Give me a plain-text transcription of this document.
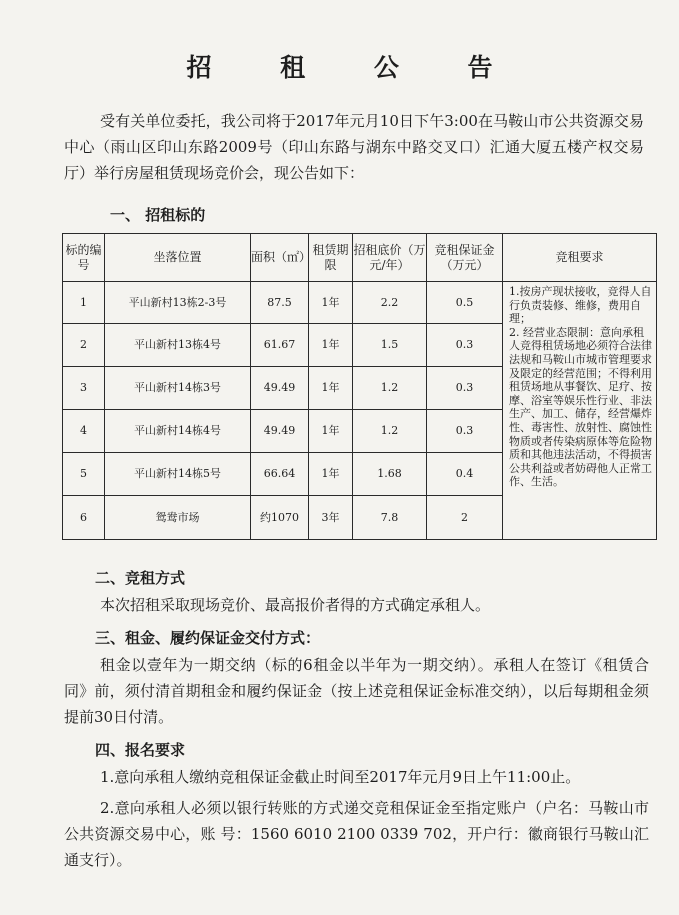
招 租 公 告
受有关单位委托，我公司将于2017年元月10日下午3:00在马鞍山市公共资源交易中心（雨山区印山东路2009号（印山东路与湖东中路交叉口）汇通大厦五楼产权交易厅）举行房屋租赁现场竞价会，现公告如下：
一、 招租标的
标的编号	坐落位置	面积（㎡）	租赁期限	招租底价（万元/年）	竞租保证金（万元）	竞租要求
1	平山新村13栋2-3号	87.5	1年	2.2	0.5	1.按房产现状接收，竞得人自行负责装修、维修，费用自理；

2. 经营业态限制：意向承租人竞得租赁场地必须符合法律法规和马鞍山市城市管理要求及限定的经营范围；不得利用租赁场地从事餐饮、足疗、按摩、浴室等娱乐性行业、非法生产、加工、储存，经营爆炸性、毒害性、放射性、腐蚀性物质或者传染病原体等危险物质和其他违法活动，不得损害公共利益或者妨碍他人正常工作、生活。

2	平山新村13栋4号	61.67	1年	1.5	0.3	
3	平山新村14栋3号	49.49	1年	1.2	0.3	
4	平山新村14栋4号	49.49	1年	1.2	0.3	
5	平山新村14栋5号	66.64	1年	1.68	0.4	
6	鸳鸯市场	约1070	3年	7.8	2	
二、竞租方式
本次招租采取现场竞价、最高报价者得的方式确定承租人。
三、租金、履约保证金交付方式：
租金以壹年为一期交纳（标的6租金以半年为一期交纳）。承租人在签订《租赁合同》前，须付清首期租金和履约保证金（按上述竞租保证金标准交纳），以后每期租金须提前30日付清。
四、报名要求
1.意向承租人缴纳竞租保证金截止时间至2017年元月9日上午11:00止。
2.意向承租人必须以银行转账的方式递交竞租保证金至指定账户（户名：马鞍山市公共资源交易中心，账 号：1560 6010 2100 0339 702，开户行：徽商银行马鞍山汇通支行）。
